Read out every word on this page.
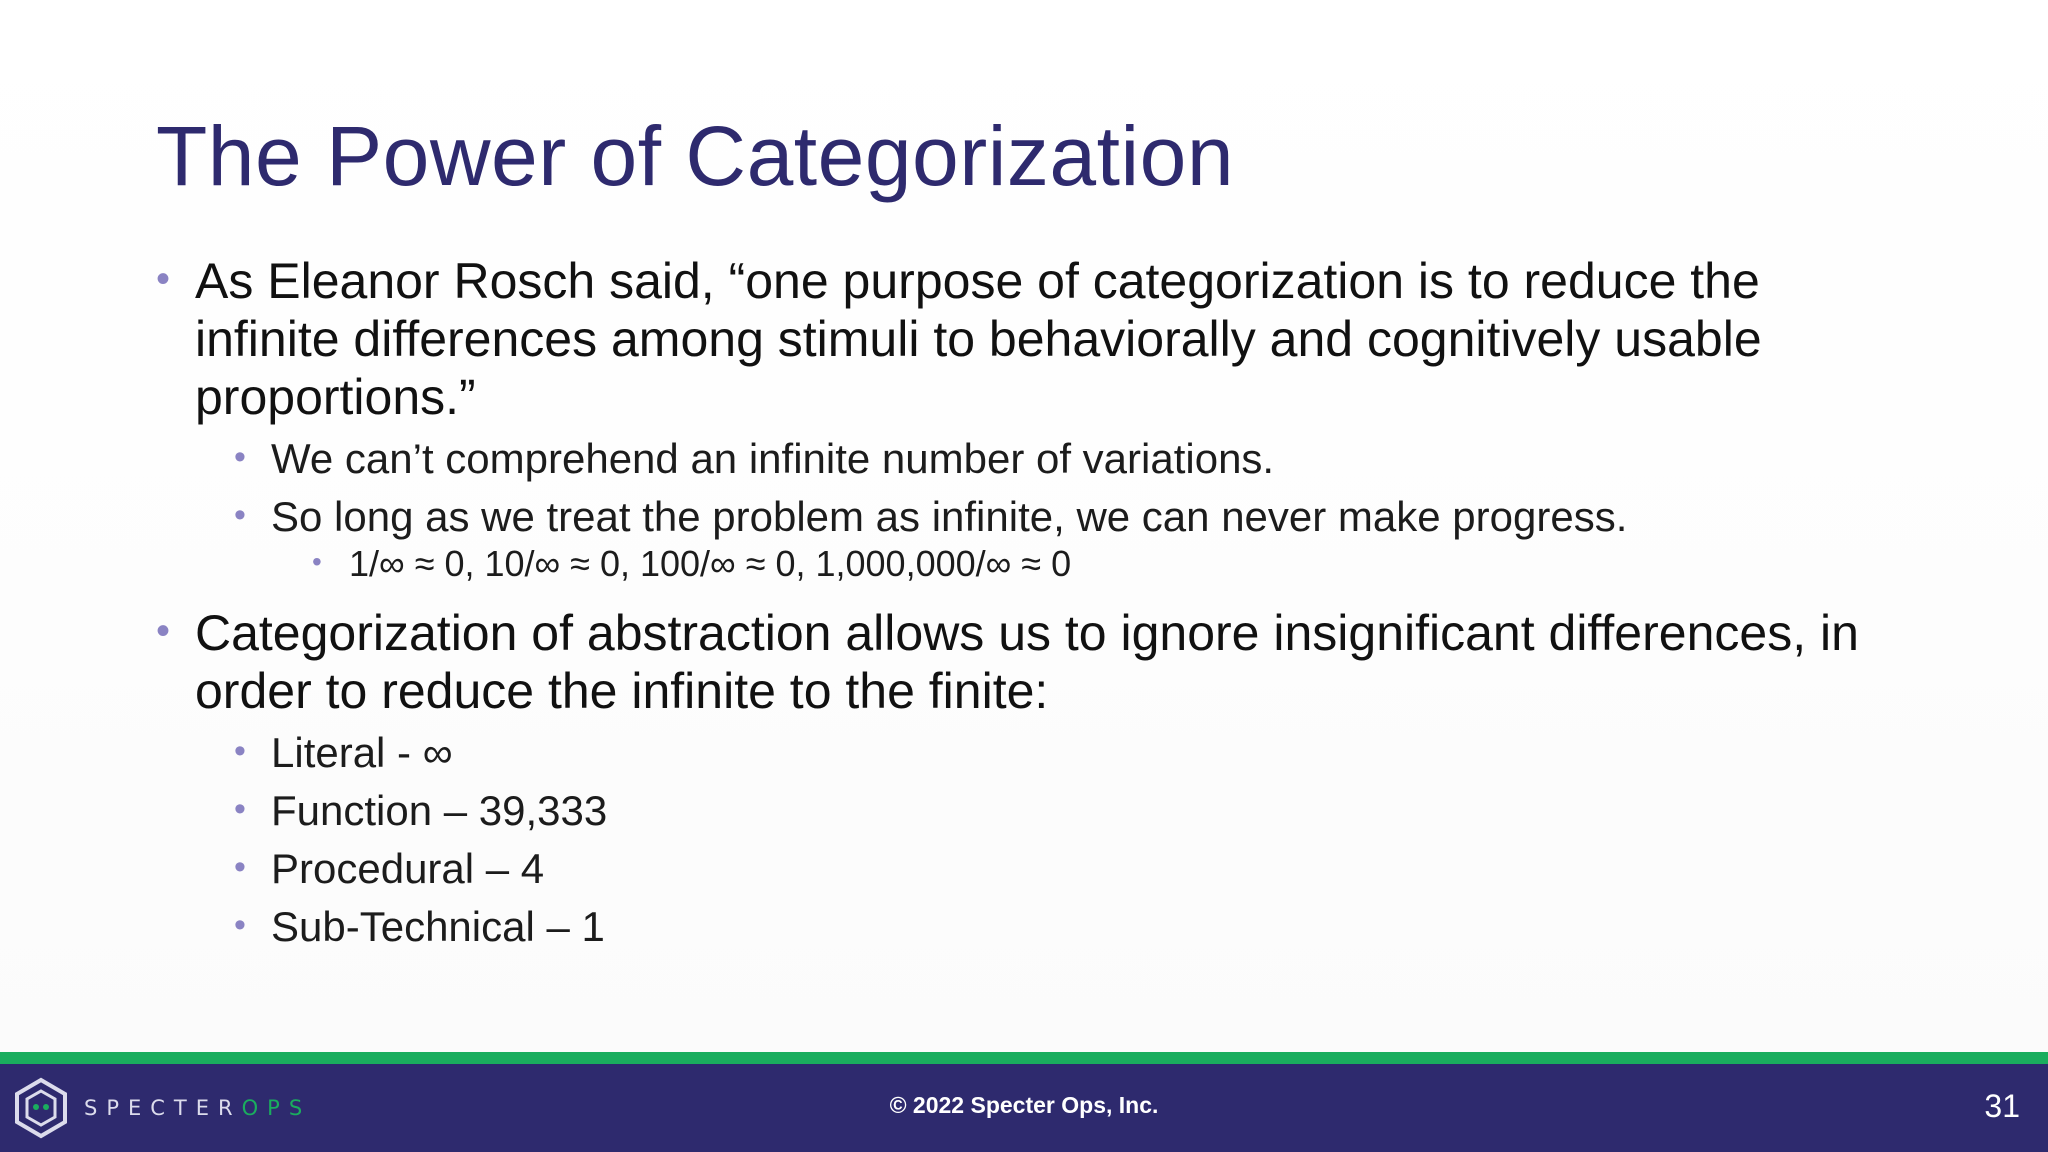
The Power of Categorization
• As Eleanor Rosch said, “one purpose of categorization is to reduce the infinite differences among stimuli to behaviorally and cognitively usable proportions.”
• We can’t comprehend an infinite number of variations.
• So long as we treat the problem as infinite, we can never make progress.
• 1/∞ ≈ 0, 10/∞ ≈ 0, 100/∞ ≈ 0, 1,000,000/∞ ≈ 0
• Categorization of abstraction allows us to ignore insignificant differences, in order to reduce the infinite to the finite:
• Literal - ∞
• Function – 39,333
• Procedural – 4
• Sub-Technical – 1
SPECTEROPS	© 2022 Specter Ops, Inc.	31
